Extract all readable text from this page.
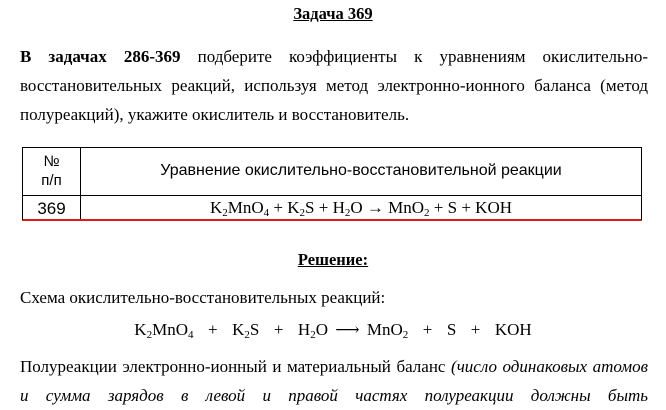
Задача 369
В задачах 286-369 подберите коэффициенты к уравнениям окислительно-восстановительных реакций, используя метод электронно-ионного баланса (метод полуреакций), укажите окислитель и восстановитель.
№
п/п
Уравнение окислительно-восстановительной реакции
369	$K_2MnO_4 + K_2S + H_2O \to MnO_2 + S$ + KOH
Решение:
Схема окислительно-восстановительных реакций:
$K_2MnO_4 + K_2S + H_2O$ ⟶ MnO$_2$  +  S  +  KOH
Полуреакции электронно-ионный и материальный баланс (число одинаковых атомов и сумма зарядов в левой и правой частях полуреакции должны быть
